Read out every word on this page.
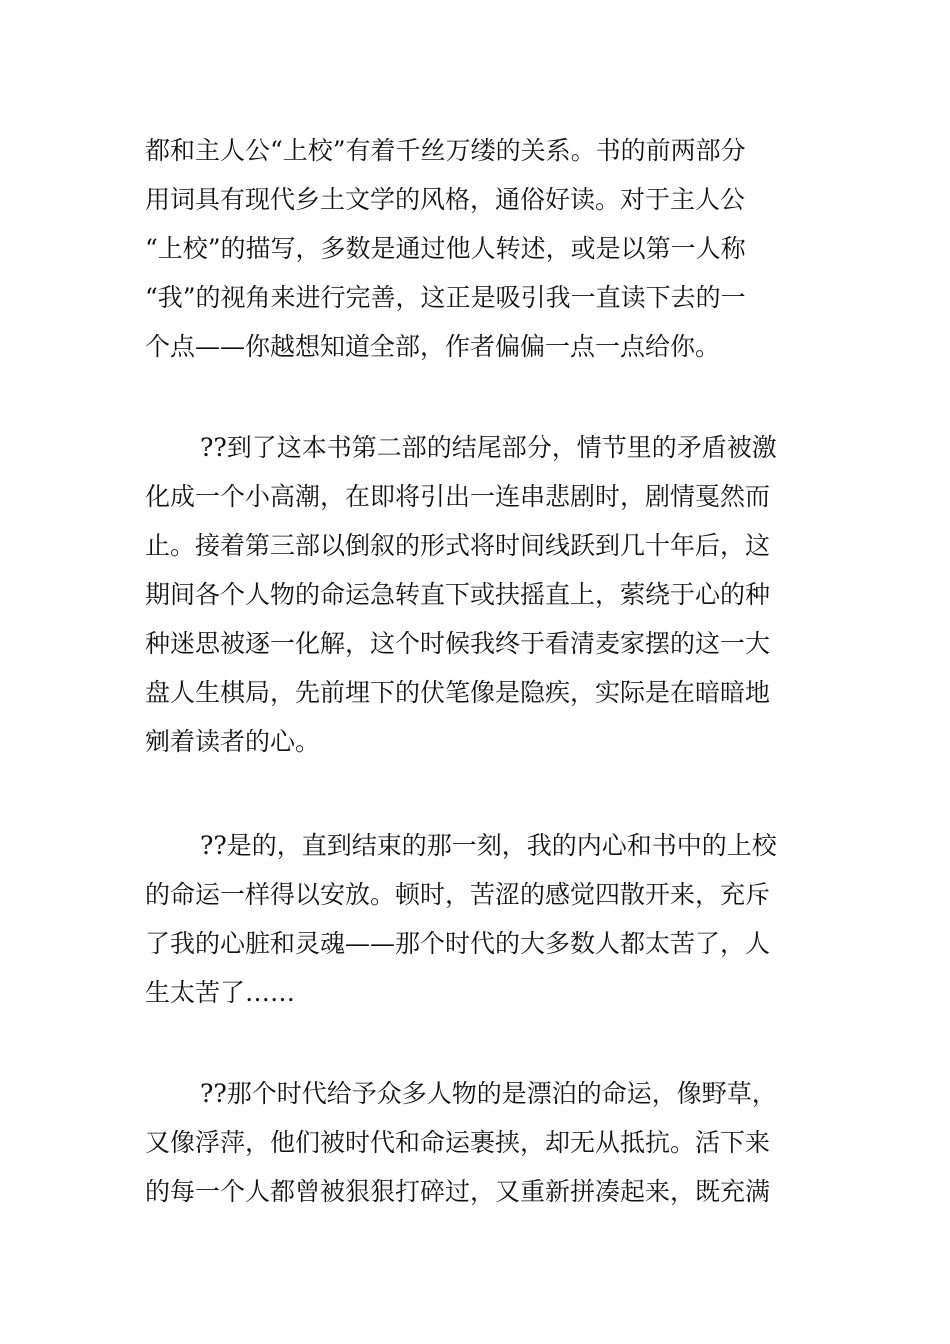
都和主人公“上校”有着千丝万缕的关系。书的前两部分
用词具有现代乡土文学的风格，通俗好读。对于主人公
“上校”的描写，多数是通过他人转述，或是以第一人称
“我”的视角来进行完善，这正是吸引我一直读下去的一
个点——你越想知道全部，作者偏偏一点一点给你。
??到了这本书第二部的结尾部分，情节里的矛盾被激
化成一个小高潮，在即将引出一连串悲剧时，剧情戛然而
止。接着第三部以倒叙的形式将时间线跃到几十年后，这
期间各个人物的命运急转直下或扶摇直上，萦绕于心的种
种迷思被逐一化解，这个时候我终于看清麦家摆的这一大
盘人生棋局，先前埋下的伏笔像是隐疾，实际是在暗暗地
剜着读者的心。
??是的，直到结束的那一刻，我的内心和书中的上校
的命运一样得以安放。顿时，苦涩的感觉四散开来，充斥
了我的心脏和灵魂——那个时代的大多数人都太苦了，人
生太苦了……
??那个时代给予众多人物的是漂泊的命运，像野草，
又像浮萍，他们被时代和命运裹挟，却无从抵抗。活下来
的每一个人都曾被狠狠打碎过，又重新拼凑起来，既充满
